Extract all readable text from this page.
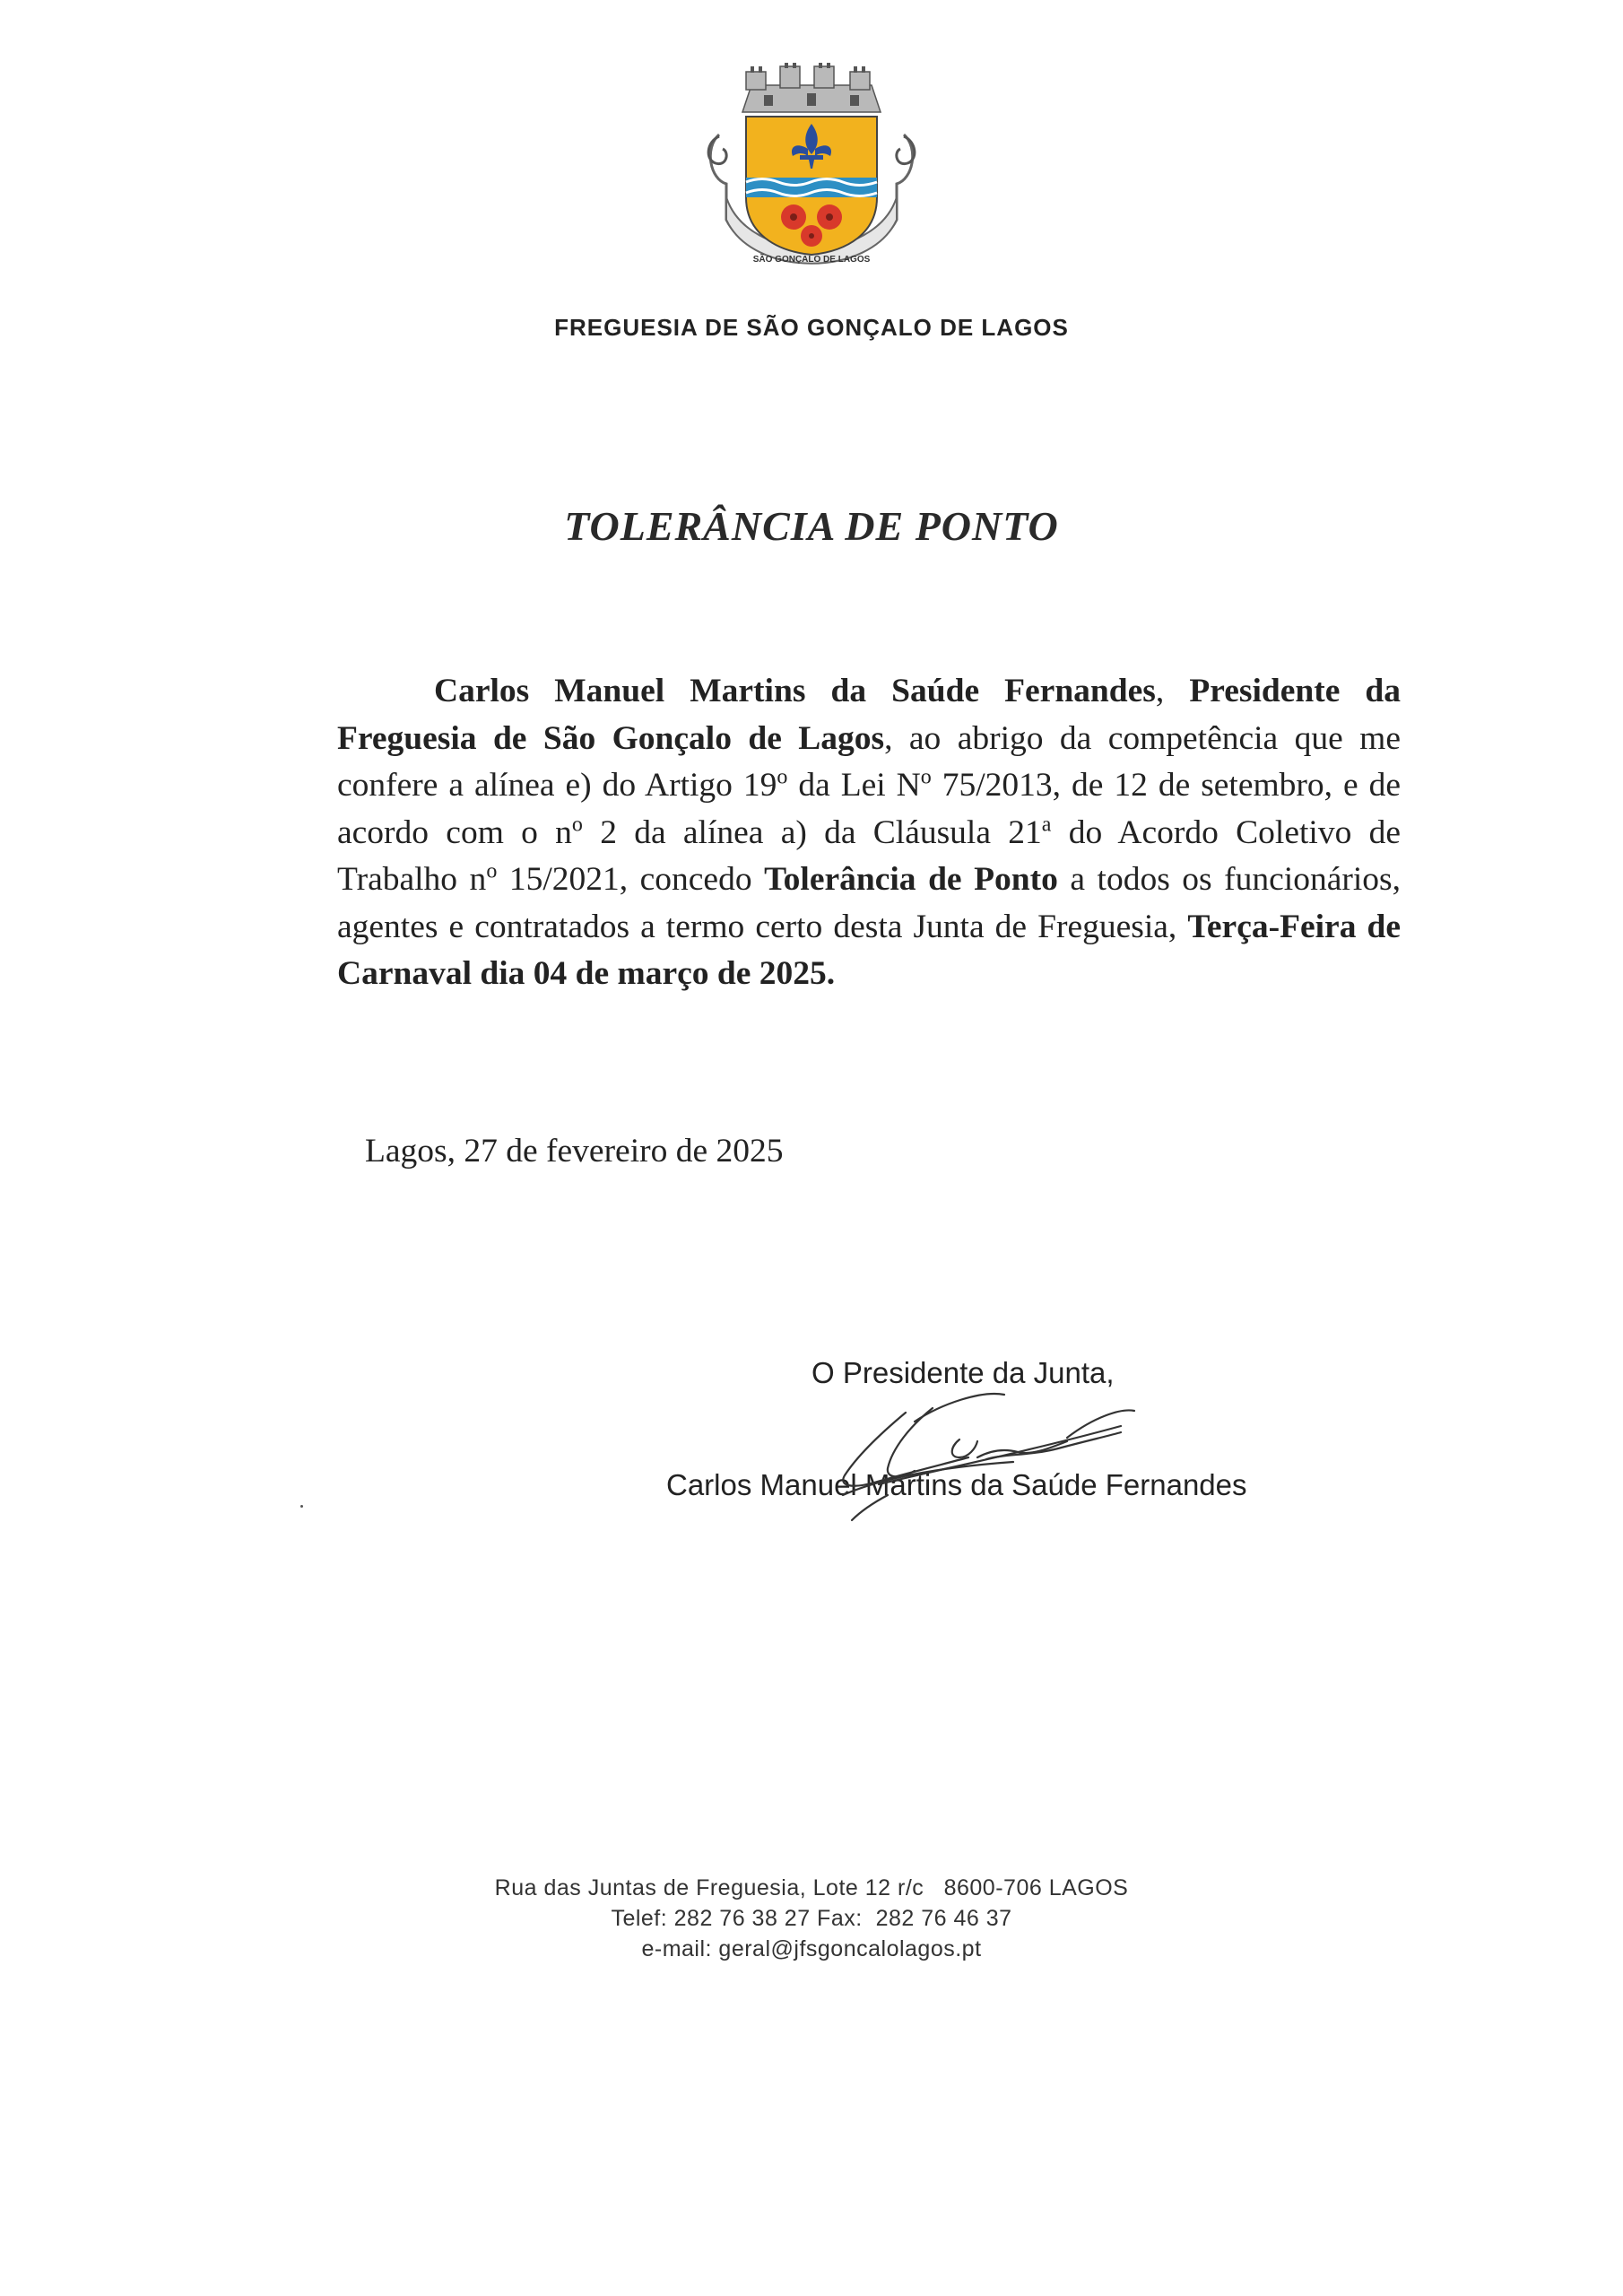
SÃO GONÇALO DE LAGOS
FREGUESIA DE SÃO GONÇALO DE LAGOS
TOLERÂNCIA DE PONTO
Carlos Manuel Martins da Saúde Fernandes, Presidente da Freguesia de São Gonçalo de Lagos, ao abrigo da competência que me confere a alínea e) do Artigo 19$^o$ da Lei $N^o$ 75/2013, de 12 de setembro, e de acordo com o $n^o$ 2 da alínea a) da Cláusula 21$^a$ do Acordo Coletivo de Trabalho $n^o$ 15/2021, concedo Tolerância de Ponto a todos os funcionários, agentes e contratados a termo certo desta Junta de Freguesia, Terça-Feira de Carnaval dia 04 de março de 2025.
Lagos, 27 de fevereiro de 2025
O Presidente da Junta,
Carlos Manuel Martins da Saúde Fernandes
Rua das Juntas de Freguesia, Lote 12 r/c   8600-706 LAGOS
Telef: 282 76 38 27 Fax:  282 76 46 37
e-mail: geral@jfsgoncalolagos.pt
